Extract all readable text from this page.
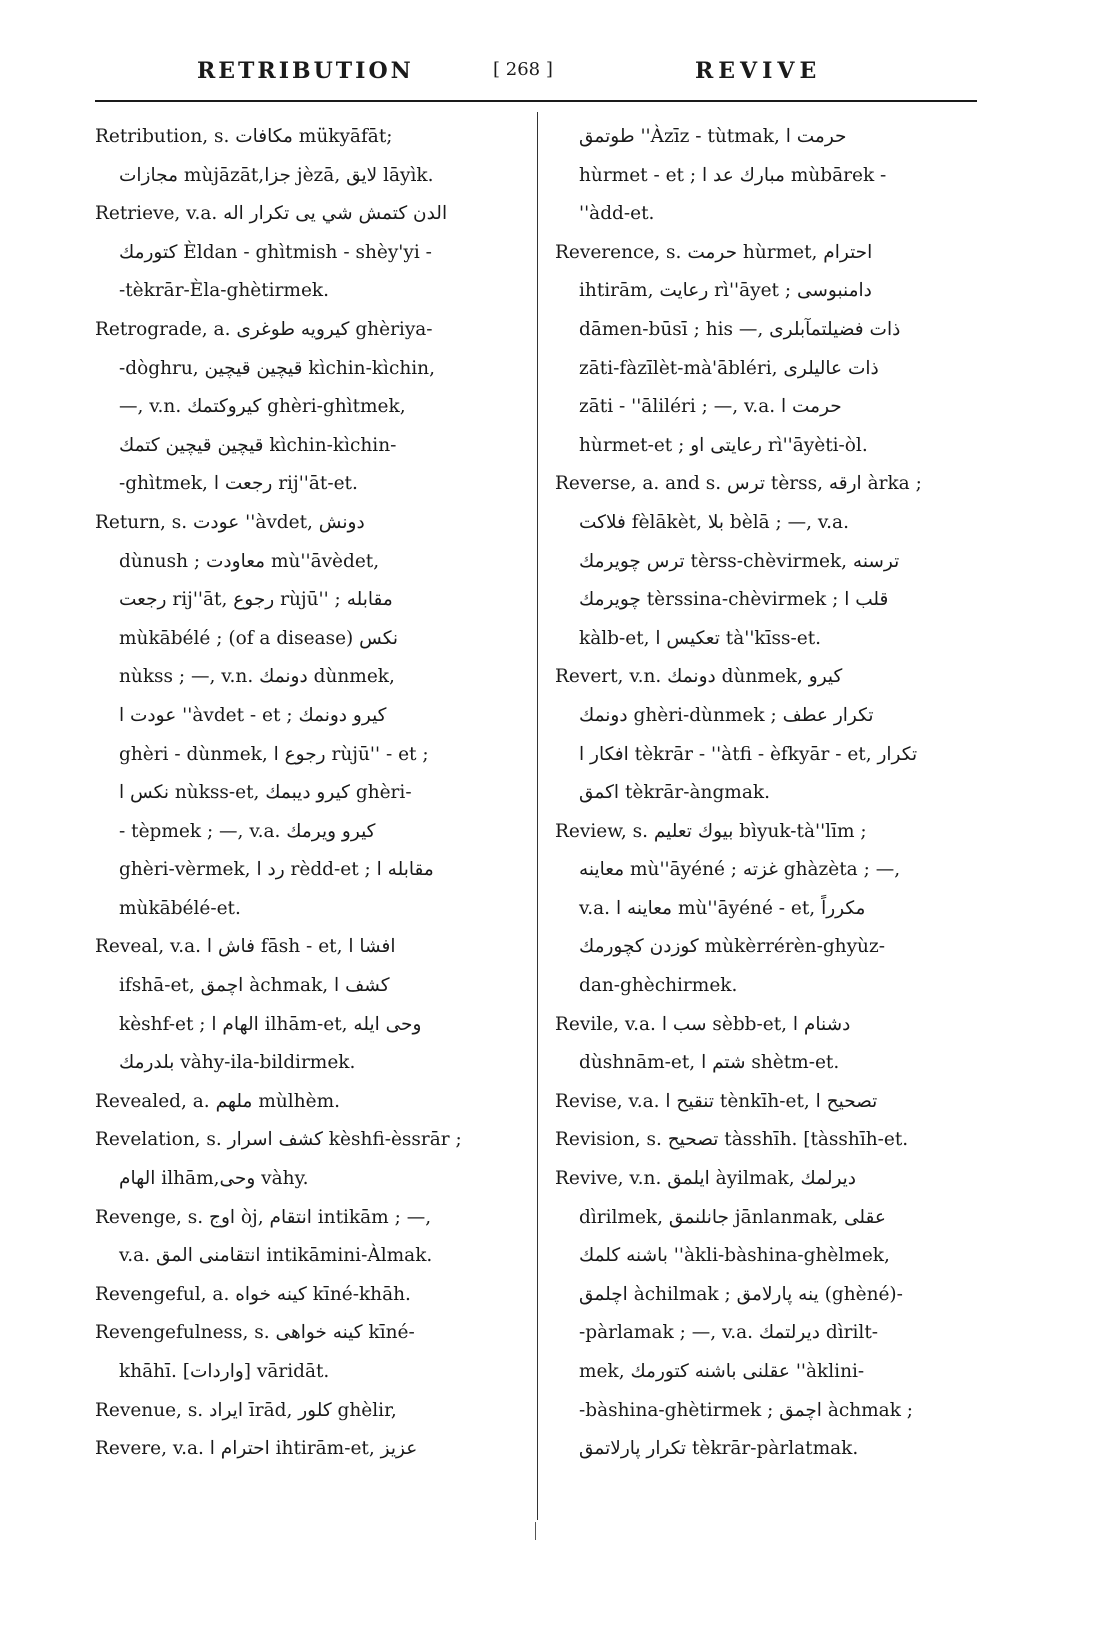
RETRIBUTION	[ 268 ]	REVIVE
Retribution, s. مكافات mükyāfāt;
مجازات mùjāzāt,جزا jèzā, لايق lāyìk.
Retrieve, v.a. الدن كتمش شي يى تكرار اله
كتورمك Èldan - ghìtmish - shèy'yi -
-tèkrār-Èla-ghètirmek.
Retrograde, a. كيرويه طوغرى ghèriya-
-dòghru, قيچين قيچين kìchin-kìchin,
—, v.n. كيروكتمك ghèri-ghìtmek,
قيچين قيچين كتمك kìchin-kìchin-
-ghìtmek, رجعت ا rij''āt-et.
Return, s. عودت ''àvdet, دونش
dùnush ; معاودت mù''āvèdet,
رجعت rij''āt, رجوع rùjū'' ; مقابله
mùkābélé ; (of a disease) نكس
nùkss ; —, v.n. دونمك dùnmek,
عودت ا ''àvdet - et ; كيرو دونمك
ghèri - dùnmek, رجوع ا rùjū'' - et ;
نكس ا nùkss-et, كيرو ديبمك ghèri-
- tèpmek ; —, v.a. كيرو ويرمك
ghèri-vèrmek, رد ا rèdd-et ; مقابله ا
mùkābélé-et.
Reveal, v.a. فاش ا fāsh - et, افشا ا
ifshā-et, اچمق àchmak, كشف ا
kèshf-et ; الهام ا ilhām-et, وحى ايله
بلدرمك vàhy-ila-bildirmek.
Revealed, a. ملهم mùlhèm.
Revelation, s. كشف اسرار kèshfi-èssrār ;
الهام ilhām,وحى vàhy.
Revenge, s. اوج òj, انتقام intikām ; —,
v.a. انتقامنى المق intikāmini-Àlmak.
Revengeful, a. كينه خواه kīné-khāh.
Revengefulness, s. كينه خواهى kīné-
khāhī. [واردات] vāridāt.
Revenue, s. ايراد īrād, كلور ghèlir,
Revere, v.a. احترام ا ihtirām-et, عزيز
طوتمق ''Àzīz - tùtmak, حرمت ا
hùrmet - et ; مبارك عد ا mùbārek -
''àdd-et.
Reverence, s. حرمت hùrmet, احترام
ihtirām, رعايت rì''āyet ; دامنبوسى
dāmen-būsī ; his —, ذات فضيلتمآبلرى
zāti-fàzīlèt-mà'ābléri, ذات عاليلرى
zāti - ''āliléri ; —, v.a. حرمت ا
hùrmet-et ; رعايتى او rì''āyèti-òl.
Reverse, a. and s. ترس tèrss, ارقه àrka ;
فلاكت fèlākèt, بلا bèlā ; —, v.a.
ترس چويرمك tèrss-chèvirmek, ترسنه
چويرمك tèrssina-chèvirmek ; قلب ا
kàlb-et, تعكيس ا tà''kīss-et.
Revert, v.n. دونمك dùnmek, كيرو
دونمك ghèri-dùnmek ; تكرار عطف
افكار ا tèkrār - ''àtfi - èfkyār - et, تكرار
اكمق tèkrār-àngmak.
Review, s. بيوك تعليم bìyuk-tà''līm ;
معاينه mù''āyéné ; غزته ghàzèta ; —,
v.a. معاينه ا mù''āyéné - et, مكرراً
كوزدن كچورمك mùkèrrérèn-ghyùz-
dan-ghèchirmek.
Revile, v.a. سب ا sèbb-et, دشنام ا
dùshnām-et, شتم ا shètm-et.
Revise, v.a. تنقيح ا tènkīh-et, تصحيح ا
Revision, s. تصحيح tàsshīh. [tàsshīh-et.
Revive, v.n. ايلمق àyilmak, ديرلمك
dìrilmek, جانلنمق jānlanmak, عقلى
باشنه كلمك ''àkli-bàshina-ghèlmek,
اچلمق àchilmak ; ينه پارلامق (ghèné)-
-pàrlamak ; —, v.a. ديرلتمك dìrilt-
mek, عقلنى باشنه كتورمك ''àklini-
-bàshina-ghètirmek ; اچمق àchmak ;
تكرار پارلاتمق tèkrār-pàrlatmak.
